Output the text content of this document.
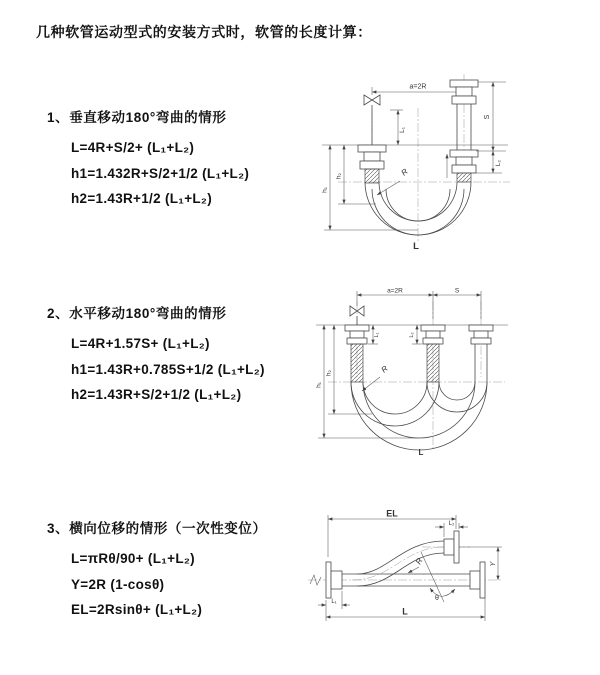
几种软管运动型式的安装方式时，软管的长度计算：
1、垂直移动180°弯曲的情形
L=4R+S/2+ (L₁+L₂)
h1=1.432R+S/2+1/2 (L₁+L₂)
h2=1.43R+1/2 (L₁+L₂)
2、水平移动180°弯曲的情形
L=4R+1.57S+ (L₁+L₂)
h1=1.43R+0.785S+1/2 (L₁+L₂)
h2=1.43R+S/2+1/2 (L₁+L₂)
3、横向位移的情形（一次性变位）
L=πRθ/90+ (L₁+L₂)
Y=2R (1-cosθ)
EL=2Rsinθ+ (L₁+L₂)
a=2R
L₁
h₁
h₂
S
L₂
R
L
a=2R	S
L₁	L₂
h₁
h₂	R
L
EL
L₂
Y
θ
R
L₁
L
